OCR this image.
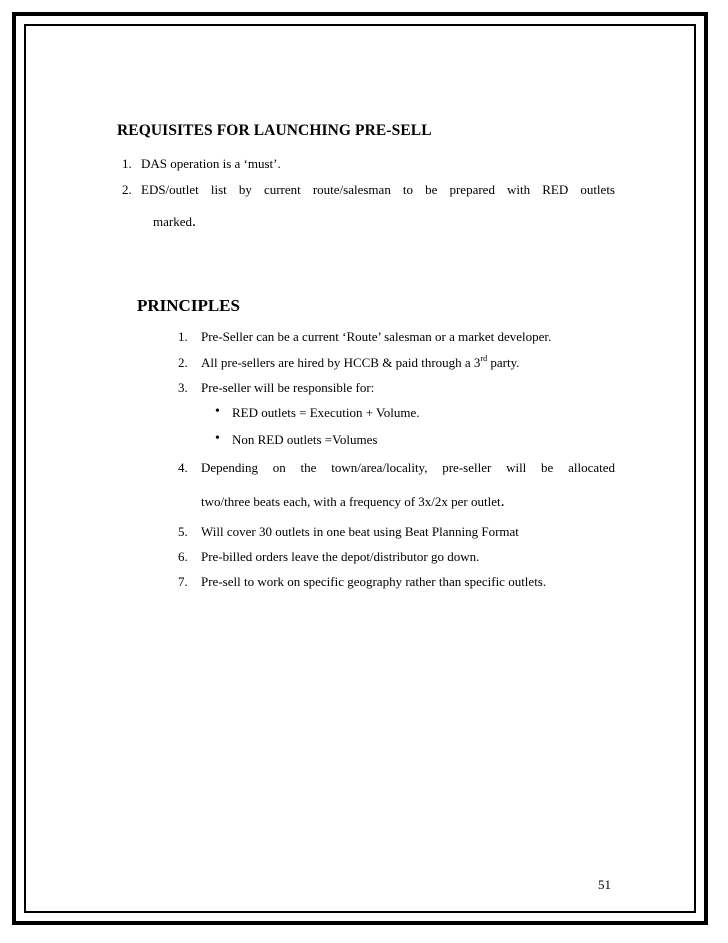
REQUISITES FOR LAUNCHING PRE-SELL
1. DAS operation is a ‘must’.
2. EDS/outlet list by current route/salesman to be prepared with RED outlets
marked.
PRINCIPLES
1. Pre-Seller can be a current ‘Route’ salesman or a market developer.
2. All pre-sellers are hired by HCCB & paid through a 3rd party.
3. Pre-seller will be responsible for:
• RED outlets = Execution + Volume.
• Non RED outlets =Volumes
4. Depending on the town/area/locality, pre-seller will be allocated
two/three beats each, with a frequency of 3x/2x per outlet.
5. Will cover 30 outlets in one beat using Beat Planning Format
6. Pre-billed orders leave the depot/distributor go down.
7. Pre-sell to work on specific geography rather than specific outlets.
51
